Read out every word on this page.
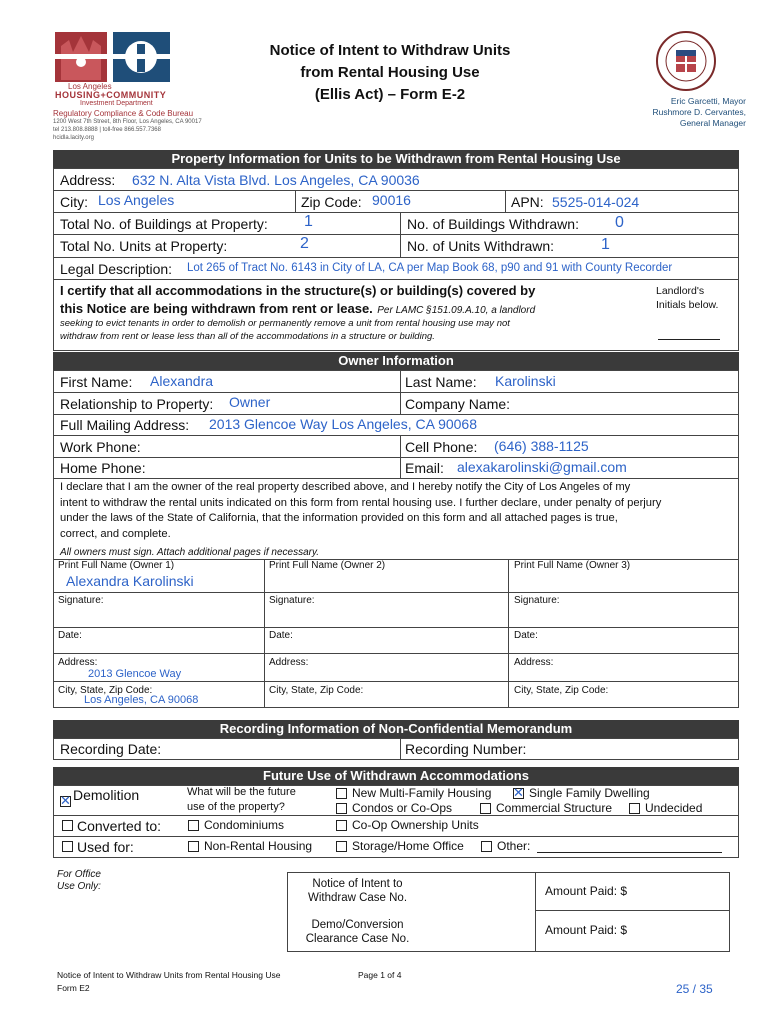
Los Angeles
HOUSING+COMMUNITY
Investment Department
Regulatory Compliance & Code Bureau
1200 West 7th Street, 8th Floor, Los Angeles, CA 90017
tel 213.808.8888 | toll-free 866.557.7368
hcidla.lacity.org
Notice of Intent to Withdraw Units
from Rental Housing Use
(Ellis Act) – Form E-2	Eric Garcetti, Mayor
Rushmore D. Cervantes,
General Manager
Property Information for Units to be Withdrawn from Rental Housing Use
Address: 632 N. Alta Vista Blvd. Los Angeles, CA 90036
City: Los Angeles	Zip Code: 90016	APN: 5525-014-024
Total No. of Buildings at Property: 1	No. of Buildings Withdrawn: 0
Total No. Units at Property:	2	No. of Units Withdrawn:	1
Legal Description: Lot 265 of Tract No. 6143 in City of LA, CA per Map Book 68, p90 and 91 with County Recorder
I certify that all accommodations in the structure(s) or building(s) covered by
this Notice are being withdrawn from rent or lease. Per LAMC §151.09.A.10, a landlord
seeking to evict tenants in order to demolish or permanently remove a unit from rental housing use may not
withdraw from rent or lease less than all of the accommodations in a structure or building.
Landlord's
Initials below.
Owner Information
First Name: Alexandra	Last Name: Karolinski
Relationship to Property: Owner	Company Name:
Full Mailing Address: 2013 Glencoe Way Los Angeles, CA 90068
Work Phone:	Cell Phone: (646) 388-1125
Home Phone:	Email: alexakarolinski@gmail.com
I declare that I am the owner of the real property described above, and I hereby notify the City of Los Angeles of my
intent to withdraw the rental units indicated on this form from rental housing use. I further declare, under penalty of perjury
under the laws of the State of California, that the information provided on this form and all attached pages is true,
correct, and complete.
All owners must sign. Attach additional pages if necessary.
Print Full Name (Owner 1)
Alexandra Karolinski
Print Full Name (Owner 2)	Print Full Name (Owner 3)
Signature:	Signature:	Signature:
Date:	Date:	Date:
Address:
2013 Glencoe Way
Address:	Address:
City, State, Zip Code:
Los Angeles, CA 90068
City, State, Zip Code:	City, State, Zip Code:
Recording Information of Non-Confidential Memorandum
Recording Date:	Recording Number:
Future Use of Withdrawn Accommodations
✕
Demolition	What will be the future
use of the property?
New Multi-Family Housing
✕	Single Family Dwelling
Condos or Co-Ops	Commercial Structure	Undecided
Converted to:	Condominiums	Co-Op Ownership Units
Used for:	Non-Rental Housing	Storage/Home Office	Other:
For Office
Use Only:	Notice of Intent to
Withdraw Case No.
Demo/Conversion
Clearance Case No.
Amount Paid: $
Amount Paid: $
Notice of Intent to Withdraw Units from Rental Housing Use
Form E2
Page 1 of 4
25 / 35
